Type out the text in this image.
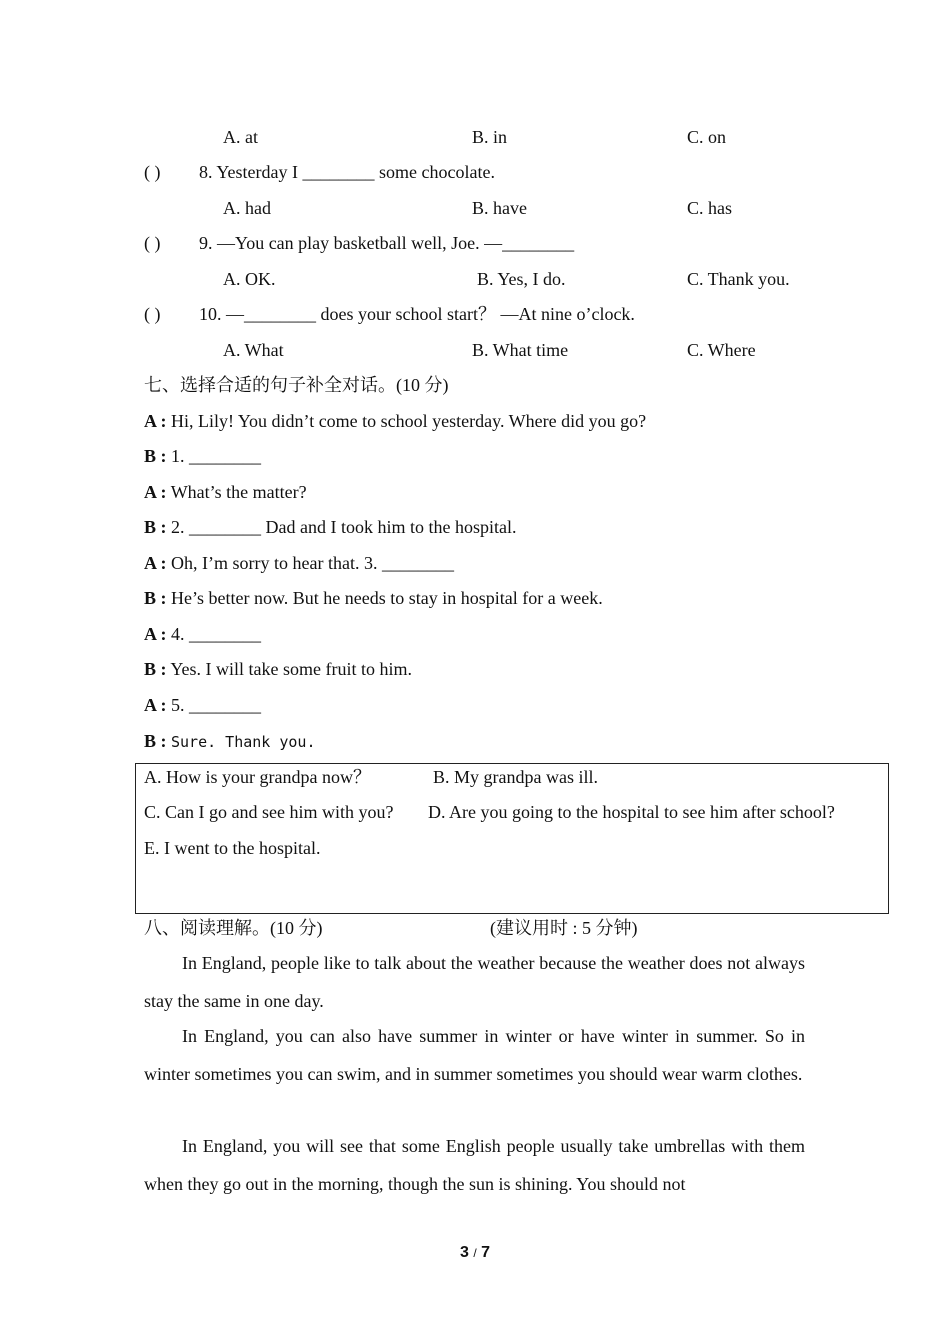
A. at	B. in	C. on
( ) 8. Yesterday I ________ some chocolate.
A. had	B. have	C. has
( ) 9. —You can play basketball well, Joe. —________
A. OK.	B. Yes, I do.	C. Thank you.
( ) 10. —________ does your school start？ —At nine o’clock.
A. What	B. What time	C. Where
七、选择合适的句子补全对话。(10 分)
A : Hi, Lily! You didn’t come to school yesterday. Where did you go?
B : 1. ________
A : What’s the matter?
B : 2. ________ Dad and I took him to the hospital.
A : Oh, I’m sorry to hear that. 3. ________
B : He’s better now. But he needs to stay in hospital for a week.
A : 4. ________
B : Yes. I will take some fruit to him.
A : 5. ________
B : Sure. Thank you.
A. How is your grandpa now？	B. My grandpa was ill.
C. Can I go and see him with you? D. Are you going to the hospital to see him after school?
E. I went to the hospital.
八、阅读理解。(10 分)	(建议用时 : 5 分钟)
In England, people like to talk about the weather because the weather does not always stay the same in one day.
In England, you can also have summer in winter or have winter in summer. So in winter sometimes you can swim, and in summer sometimes you should wear warm clothes.
In England, you will see that some English people usually take umbrellas with them when they go out in the morning, though the sun is shining. You should not
3 / 7
